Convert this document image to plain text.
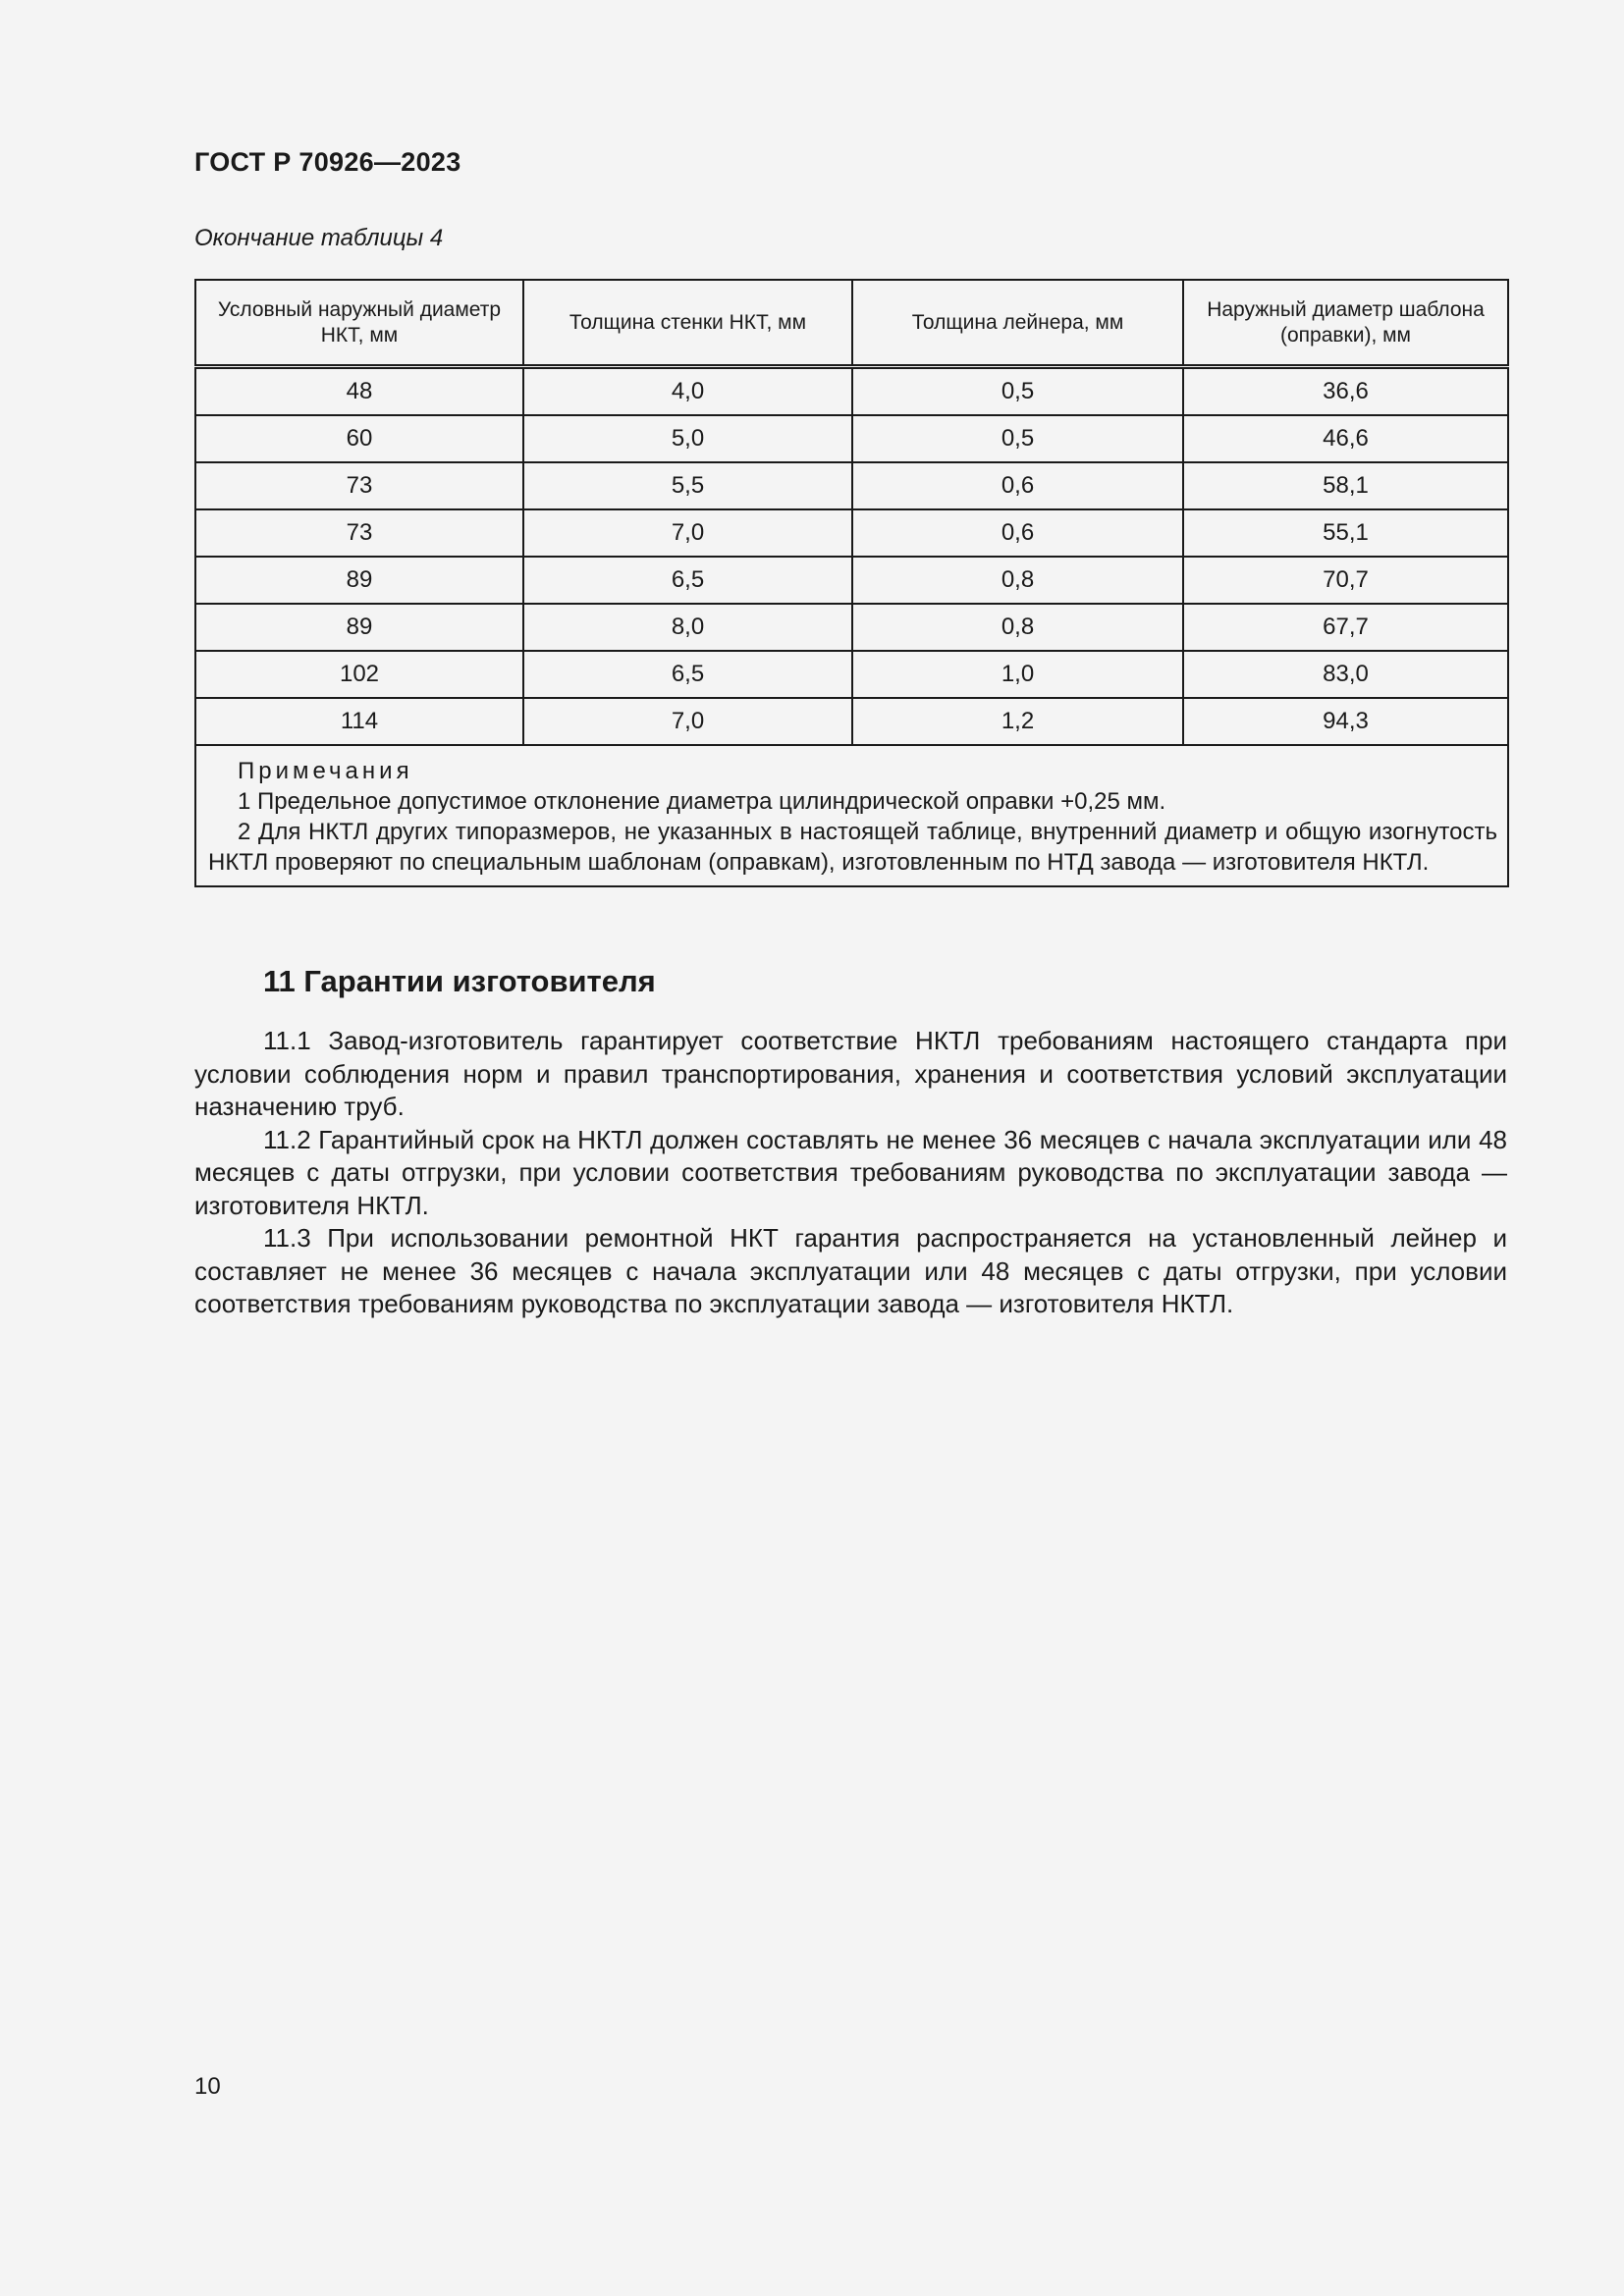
ГОСТ Р 70926—2023
Окончание таблицы 4
Условный наружный диаметр НКТ, мм	Толщина стенки НКТ, мм	Толщина лейнера, мм	Наружный диаметр шаблона (оправки), мм
48	4,0	0,5	36,6
60	5,0	0,5	46,6
73	5,5	0,6	58,1
73	7,0	0,6	55,1
89	6,5	0,8	70,7
89	8,0	0,8	67,7
102	6,5	1,0	83,0
114	7,0	1,2	94,3

Примечания
1 Предельное допустимое отклонение диаметра цилиндрической оправки +0,25 мм.
2 Для НКТЛ других типоразмеров, не указанных в настоящей таблице, внутренний диаметр и общую изогнутость НКТЛ проверяют по специальным шаблонам (оправкам), изготовленным по НТД завода — изготовителя НКТЛ.			
11 Гарантии изготовителя

11.1 Завод-изготовитель гарантирует соответствие НКТЛ требованиям настоящего стандарта при условии соблюдения норм и правил транспортирования, хранения и соответствия условий эксплуатации назначению труб.

11.2 Гарантийный срок на НКТЛ должен составлять не менее 36 месяцев с начала эксплуатации или 48 месяцев с даты отгрузки, при условии соответствия требованиям руководства по эксплуатации завода — изготовителя НКТЛ.

11.3 При использовании ремонтной НКТ гарантия распространяется на установленный лейнер и составляет не менее 36 месяцев с начала эксплуатации или 48 месяцев с даты отгрузки, при условии соответствия требованиям руководства по эксплуатации завода — изготовителя НКТЛ.

10
